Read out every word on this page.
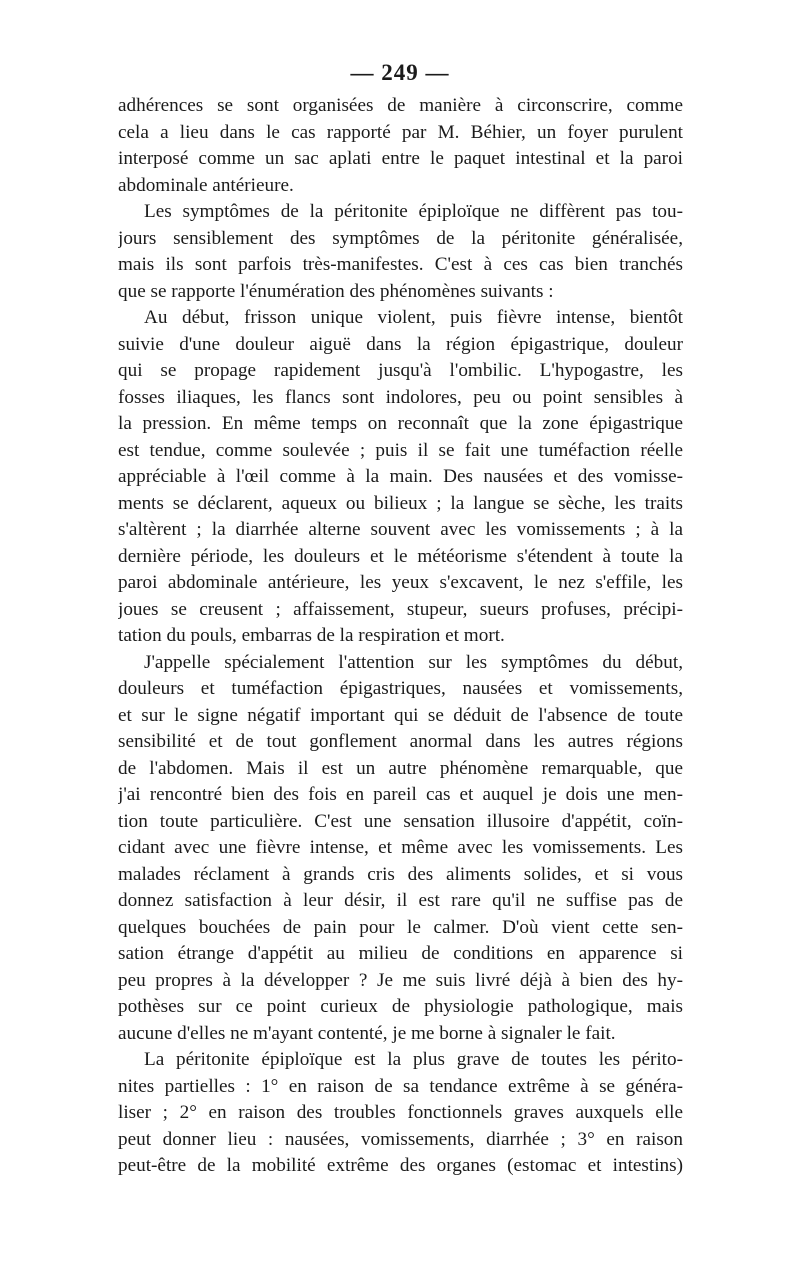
— 249 —
adhérences se sont organisées de manière à circonscrire, comme
cela a lieu dans le cas rapporté par M. Béhier, un foyer purulent
interposé comme un sac aplati entre le paquet intestinal et la paroi
abdominale antérieure.
Les symptômes de la péritonite épiploïque ne diffèrent pas tou-
jours sensiblement des symptômes de la péritonite généralisée,
mais ils sont parfois très-manifestes. C'est à ces cas bien tranchés
que se rapporte l'énumération des phénomènes suivants :
Au début, frisson unique violent, puis fièvre intense, bientôt
suivie d'une douleur aiguë dans la région épigastrique, douleur
qui se propage rapidement jusqu'à l'ombilic. L'hypogastre, les
fosses iliaques, les flancs sont indolores, peu ou point sensibles à
la pression. En même temps on reconnaît que la zone épigastrique
est tendue, comme soulevée ; puis il se fait une tuméfaction réelle
appréciable à l'œil comme à la main. Des nausées et des vomisse-
ments se déclarent, aqueux ou bilieux ; la langue se sèche, les traits
s'altèrent ; la diarrhée alterne souvent avec les vomissements ; à la
dernière période, les douleurs et le météorisme s'étendent à toute la
paroi abdominale antérieure, les yeux s'excavent, le nez s'effile, les
joues se creusent ; affaissement, stupeur, sueurs profuses, précipi-
tation du pouls, embarras de la respiration et mort.
J'appelle spécialement l'attention sur les symptômes du début,
douleurs et tuméfaction épigastriques, nausées et vomissements,
et sur le signe négatif important qui se déduit de l'absence de toute
sensibilité et de tout gonflement anormal dans les autres régions
de l'abdomen. Mais il est un autre phénomène remarquable, que
j'ai rencontré bien des fois en pareil cas et auquel je dois une men-
tion toute particulière. C'est une sensation illusoire d'appétit, coïn-
cidant avec une fièvre intense, et même avec les vomissements. Les
malades réclament à grands cris des aliments solides, et si vous
donnez satisfaction à leur désir, il est rare qu'il ne suffise pas de
quelques bouchées de pain pour le calmer. D'où vient cette sen-
sation étrange d'appétit au milieu de conditions en apparence si
peu propres à la développer ? Je me suis livré déjà à bien des hy-
pothèses sur ce point curieux de physiologie pathologique, mais
aucune d'elles ne m'ayant contenté, je me borne à signaler le fait.
La péritonite épiploïque est la plus grave de toutes les périto-
nites partielles : 1° en raison de sa tendance extrême à se généra-
liser ; 2° en raison des troubles fonctionnels graves auxquels elle
peut donner lieu : nausées, vomissements, diarrhée ; 3° en raison
peut-être de la mobilité extrême des organes (estomac et intestins)
